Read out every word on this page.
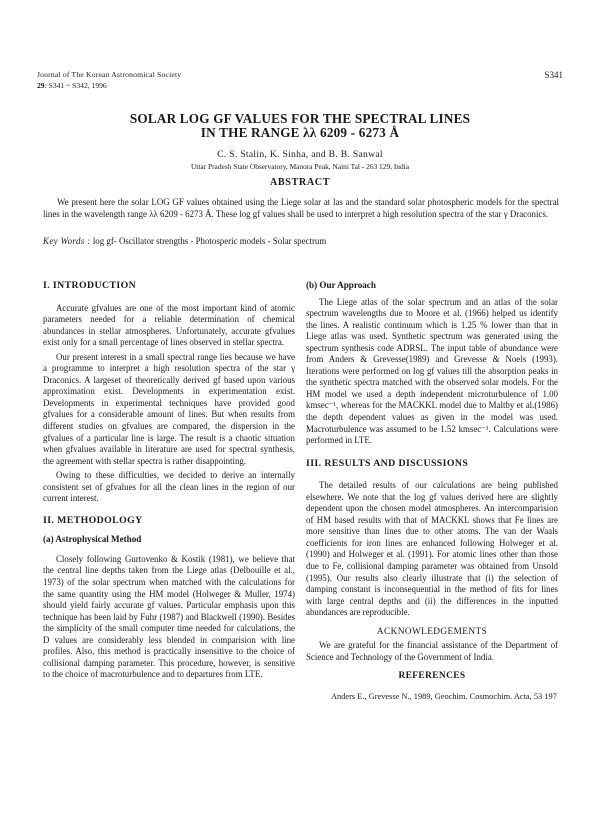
Journal of The Korean Astronomical Society
29: S341 ~ S342, 1996
S341
SOLAR LOG GF VALUES FOR THE SPECTRAL LINES
IN THE RANGE λλ 6209 - 6273 Å
C. S. Stalin, K. Sinha, and B. B. Sanwal
Uttar Pradesh State Observatory, Manora Peak, Naini Tal - 263 129, India
ABSTRACT

We present here the solar LOG GF values obtained using the Liege solar at las and the standard solar photospheric models for the spectral lines in the wavelength range λλ 6209 - 6273 Å. These log gf values shall be used to interpret a high resolution spectra of the star γ Draconics.

Key Words : log gf- Oscillator strengths - Photosperic models - Solar spectrum
I. INTRODUCTION

Accurate gfvalues are one of the most important kind of atomic parameters needed for a reliable determination of chemical abundances in stellar atmospheres. Unfortunately, accurate gfvalues exist only for a small percentage of lines observed in stellar spectra.

Our present interest in a small spectral range lies because we have a programme to interpret a high resolution spectra of the star γ Draconics. A largeset of theoretically derived gf based upon various approximation exist. Developments in experimentation exist. Developments in experimental techniques have provided good gfvalues for a considerable amount of lines. But when results from different studies on gfvalues are compared, the dispersion in the gfvalues of a particular line is large. The result is a chaotic situation when gfvalues available in literature are used for spectral synthesis, the agreement with stellar spectra is rather disappointing.

Owing to these difficulties, we decided to derive an internally consistent set of gfvalues for all the clean lines in the region of our current interest.

II. METHODOLOGY
(a) Astrophysical Method

Closely following Gurtovenko & Kostik (1981), we believe that the central line depths taken from the Liege atlas (Delbouille et al., 1973) of the solar spectrum when matched with the calculations for the same quantity using the HM model (Holweger & Muller, 1974) should yield fairly accurate gf values. Particular emphasis upon this technique has been laid by Fuhr (1987) and Blackwell (1990). Besides the simplicity of the small computer time needed for calculations, the D values are considerably less blended in comparision with line profiles. Also, this method is practically insensitive to the choice of collisional damping parameter. This procedure, however, is sensitive to the choice of macroturbulence and to departures from LTE.

(b) Our Approach

The Liege atlas of the solar spectrum and an atlas of the solar spectrum wavelengths due to Moore et al. (1966) helped us identify the lines. A realistic continuum which is 1.25 % lower than that in Liege atlas was used. Synthetic spectrum was generated using the spectrum synthesis code ADRSL. The input table of abundance were from Anders & Grevesse(1989) and Grevesse & Noels (1993). Iterations were performed on log gf values till the absorption peaks in the synthetic spectra matched with the observed solar models. For the HM model we used a depth independent microturbulence of 1.00 kmsec⁻¹, whereas for the MACKKL model due to Maltby et al.(1986) the depth dependent values as given in the model was used. Macroturbulence was assumed to be 1.52 kmsec⁻¹. Calculations were performed in LTE.

III. RESULTS AND DISCUSSIONS

The detailed results of our calculations are being published elsewhere. We note that the log gf values derived here are slightly dependent upon the chosen model atmospheres. An intercomparision of HM based results with that of MACKKL shows that Fe lines are more sensitive than lines due to other atoms. The van der Waals coefficients for iron lines are enhanced following Holweger et al. (1990) and Holweger et al. (1991). For atomic lines other than those due to Fe, collisional damping parameter was obtained from Unsold (1995). Our results also clearly illustrate that (i) the selection of damping constant is inconsequential in the method of fits for lines with large central depths and (ii) the differences in the inputted abundances are reproducible.

ACKNOWLEDGEMENTS

We are grateful for the financial assistance of the Department of Science and Technology of the Government of India.

REFERENCES

Anders E., Grevesse N., 1989, Geochim. Cosmochim. Acta, 53 197
